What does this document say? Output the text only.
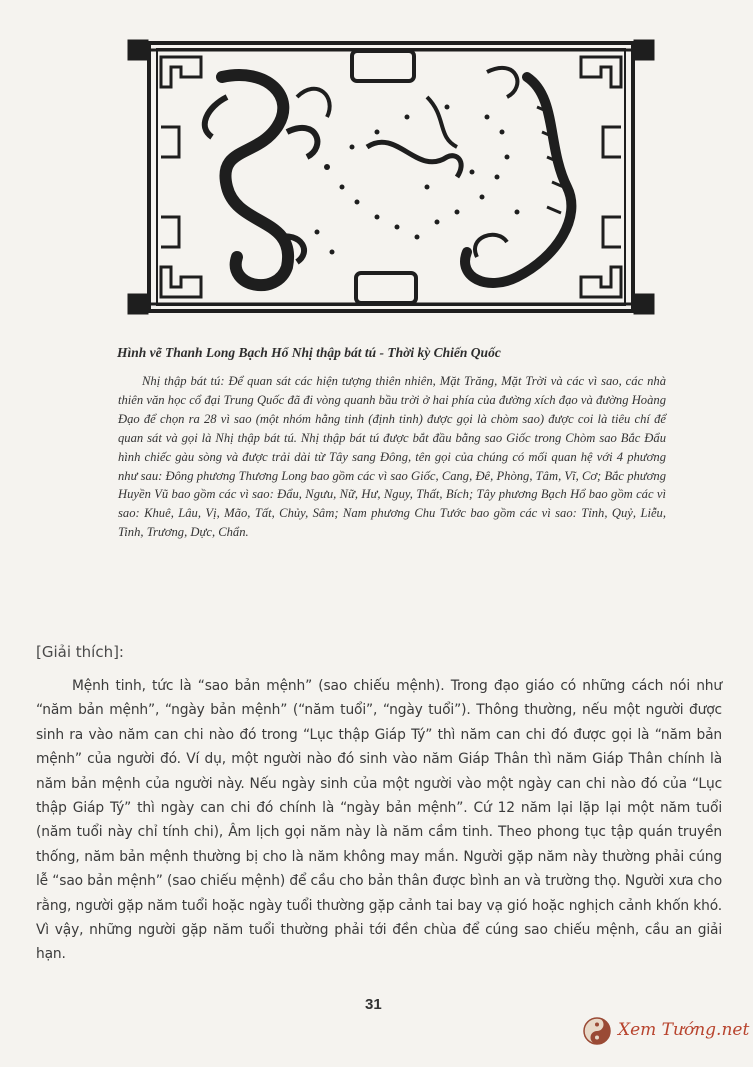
Hình vẽ Thanh Long Bạch Hổ Nhị thập bát tú - Thời kỳ Chiến Quốc
Nhị thập bát tú: Để quan sát các hiện tượng thiên nhiên, Mặt Trăng, Mặt Trời và các vì sao, các nhà thiên văn học cổ đại Trung Quốc đã đi vòng quanh bầu trời ở hai phía của đường xích đạo và đường Hoàng Đạo để chọn ra 28 vì sao (một nhóm hằng tinh (định tinh) được gọi là chòm sao) được coi là tiêu chí để quan sát và gọi là Nhị thập bát tú. Nhị thập bát tú được bắt đầu bằng sao Giốc trong Chòm sao Bắc Đẩu hình chiếc gàu sòng và được trải dài từ Tây sang Đông, tên gọi của chúng có mối quan hệ với 4 phương như sau: Đông phương Thương Long bao gồm các vì sao Giốc, Cang, Đê, Phòng, Tâm, Vĩ, Cơ; Bắc phương Huyền Vũ bao gồm các vì sao: Đẩu, Ngưu, Nữ, Hư, Nguy, Thất, Bích; Tây phương Bạch Hổ bao gồm các vì sao: Khuê, Lâu, Vị, Mão, Tất, Chủy, Sâm; Nam phương Chu Tước bao gồm các vì sao: Tỉnh, Quỷ, Liễu, Tinh, Trương, Dực, Chẩn.
[Giải thích]:
Mệnh tinh, tức là “sao bản mệnh” (sao chiếu mệnh). Trong đạo giáo có những cách nói như “năm bản mệnh”, “ngày bản mệnh” (“năm tuổi”, “ngày tuổi”). Thông thường, nếu một người được sinh ra vào năm can chi nào đó trong “Lục thập Giáp Tý” thì năm can chi đó được gọi là “năm bản mệnh” của người đó. Ví dụ, một người nào đó sinh vào năm Giáp Thân thì năm Giáp Thân chính là năm bản mệnh của người này. Nếu ngày sinh của một người vào một ngày can chi nào đó của “Lục thập Giáp Tý” thì ngày can chi đó chính là “ngày bản mệnh”. Cứ 12 năm lại lặp lại một năm tuổi (năm tuổi này chỉ tính chi), Âm lịch gọi năm này là năm cầm tinh. Theo phong tục tập quán truyền thống, năm bản mệnh thường bị cho là năm không may mắn. Người gặp năm này thường phải cúng lễ “sao bản mệnh” (sao chiếu mệnh) để cầu cho bản thân được bình an và trường thọ. Người xưa cho rằng, người gặp năm tuổi hoặc ngày tuổi thường gặp cảnh tai bay vạ gió hoặc nghịch cảnh khốn khó. Vì vậy, những người gặp năm tuổi thường phải tới đền chùa để cúng sao chiếu mệnh, cầu an giải hạn.
31
Xem Tướng.net
